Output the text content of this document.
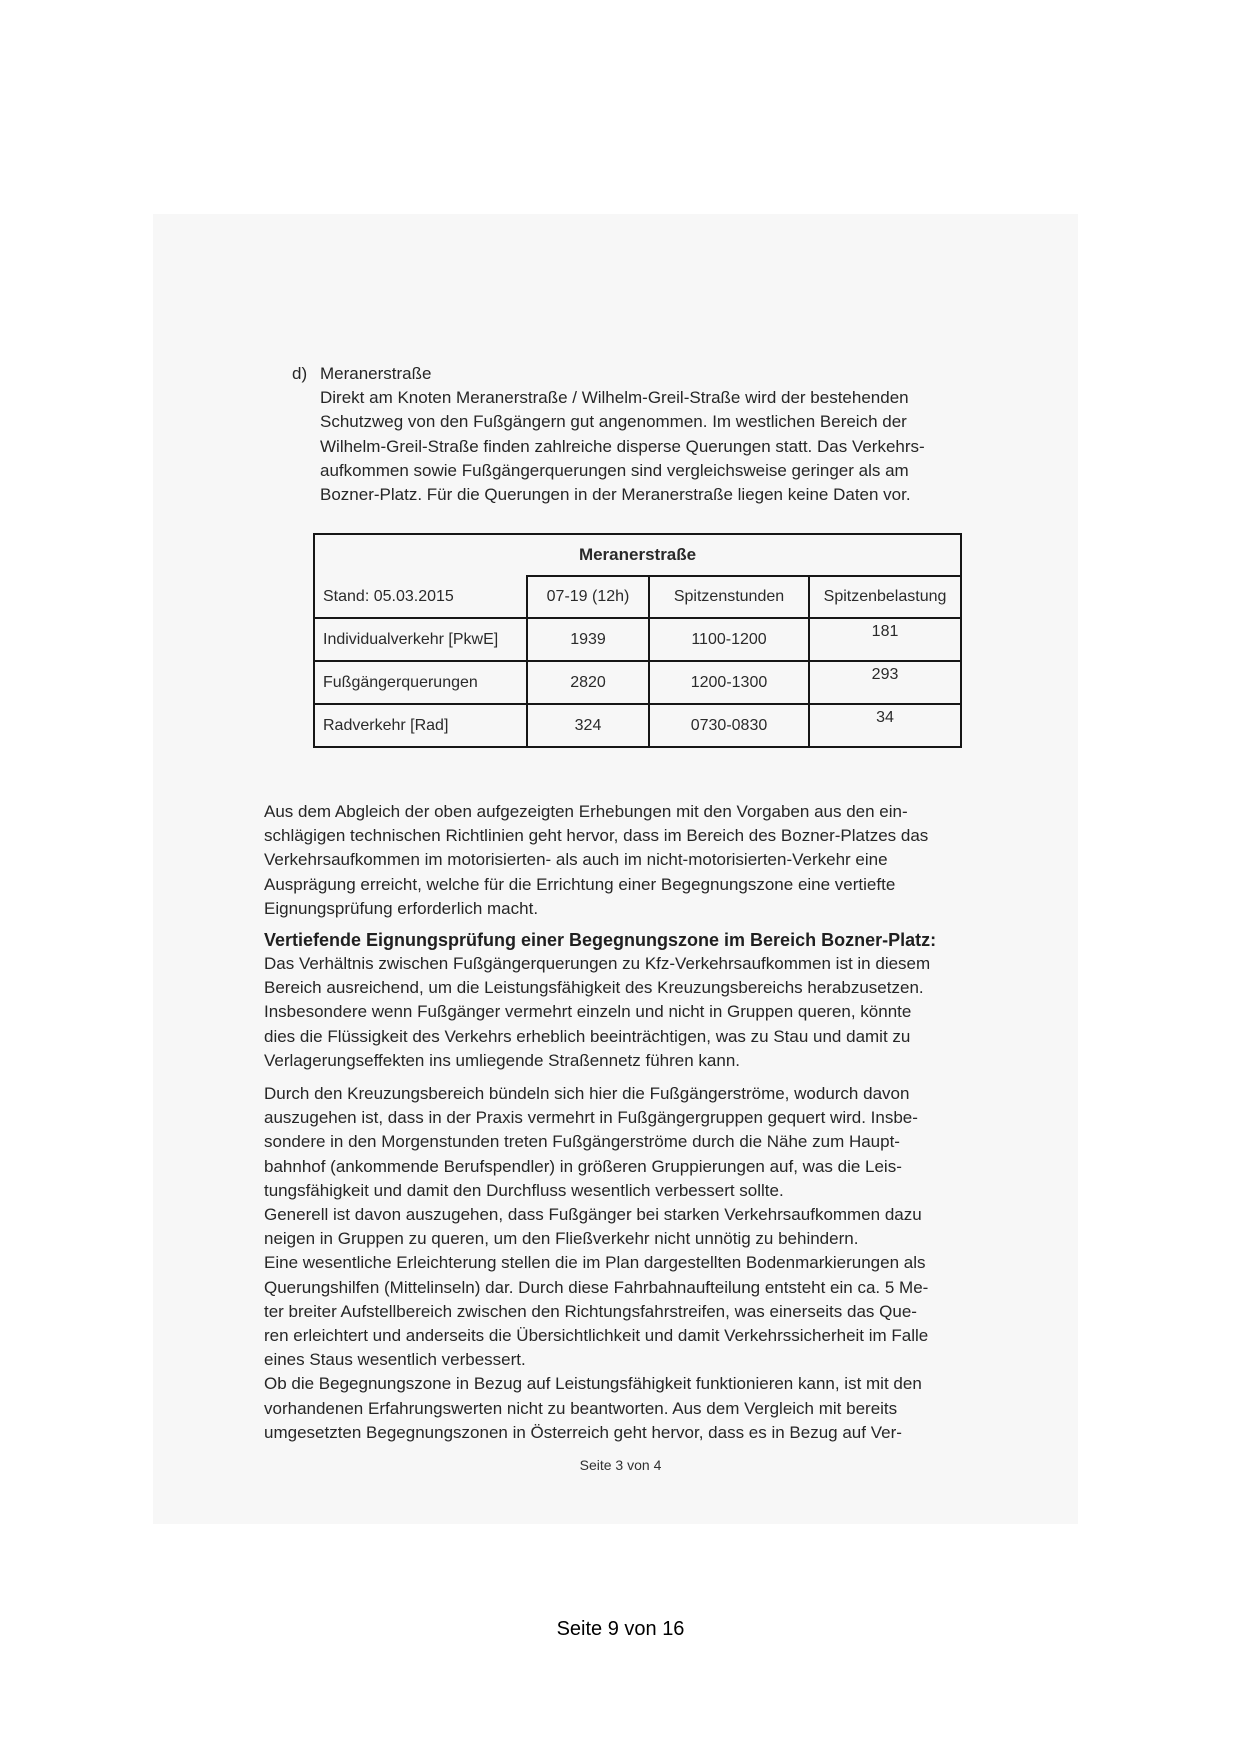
d) Meranerstraße
Direkt am Knoten Meranerstraße / Wilhelm-Greil-Straße wird der bestehenden
Schutzweg von den Fußgängern gut angenommen. Im westlichen Bereich der
Wilhelm-Greil-Straße finden zahlreiche disperse Querungen statt. Das Verkehrs-
aufkommen sowie Fußgängerquerungen sind vergleichsweise geringer als am
Bozner-Platz. Für die Querungen in der Meranerstraße liegen keine Daten vor.
Meranerstraße			
Stand: 05.03.2015	07-19 (12h)	Spitzenstunden	Spitzenbelastung
Individualverkehr [PkwE]	1939	1100-1200	181
Fußgängerquerungen	2820	1200-1300	293
Radverkehr [Rad]	324	0730-0830	34
Aus dem Abgleich der oben aufgezeigten Erhebungen mit den Vorgaben aus den ein-
schlägigen technischen Richtlinien geht hervor, dass im Bereich des Bozner-Platzes das
Verkehrsaufkommen im motorisierten- als auch im nicht-motorisierten-Verkehr eine
Ausprägung erreicht, welche für die Errichtung einer Begegnungszone eine vertiefte
Eignungsprüfung erforderlich macht.
Vertiefende Eignungsprüfung einer Begegnungszone im Bereich Bozner-Platz:
Das Verhältnis zwischen Fußgängerquerungen zu Kfz-Verkehrsaufkommen ist in diesem
Bereich ausreichend, um die Leistungsfähigkeit des Kreuzungsbereichs herabzusetzen.
Insbesondere wenn Fußgänger vermehrt einzeln und nicht in Gruppen queren, könnte
dies die Flüssigkeit des Verkehrs erheblich beeinträchtigen, was zu Stau und damit zu
Verlagerungseffekten ins umliegende Straßennetz führen kann.
Durch den Kreuzungsbereich bündeln sich hier die Fußgängerströme, wodurch davon
auszugehen ist, dass in der Praxis vermehrt in Fußgängergruppen gequert wird. Insbe-
sondere in den Morgenstunden treten Fußgängerströme durch die Nähe zum Haupt-
bahnhof (ankommende Berufspendler) in größeren Gruppierungen auf, was die Leis-
tungsfähigkeit und damit den Durchfluss wesentlich verbessert sollte.
Generell ist davon auszugehen, dass Fußgänger bei starken Verkehrsaufkommen dazu
neigen in Gruppen zu queren, um den Fließverkehr nicht unnötig zu behindern.
Eine wesentliche Erleichterung stellen die im Plan dargestellten Bodenmarkierungen als
Querungshilfen (Mittelinseln) dar. Durch diese Fahrbahnaufteilung entsteht ein ca. 5 Me-
ter breiter Aufstellbereich zwischen den Richtungsfahrstreifen, was einerseits das Que-
ren erleichtert und anderseits die Übersichtlichkeit und damit Verkehrssicherheit im Falle
eines Staus wesentlich verbessert.
Ob die Begegnungszone in Bezug auf Leistungsfähigkeit funktionieren kann, ist mit den
vorhandenen Erfahrungswerten nicht zu beantworten. Aus dem Vergleich mit bereits
umgesetzten Begegnungszonen in Österreich geht hervor, dass es in Bezug auf Ver-
Seite 3 von 4
Seite 9 von 16
